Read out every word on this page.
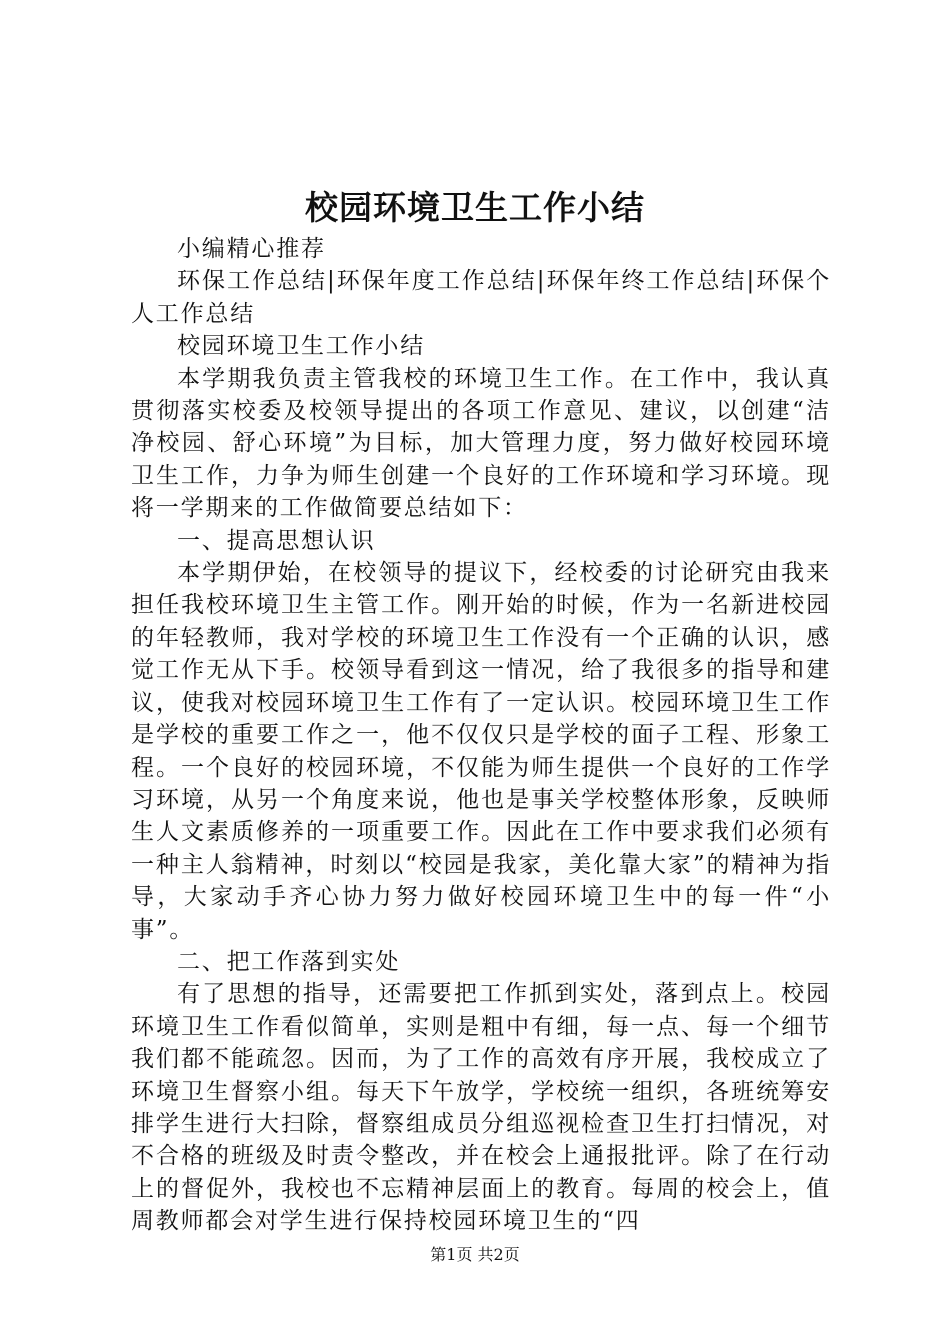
校园环境卫生工作小结

小编精心推荐

环保工作总结|环保年度工作总结|环保年终工作总结|环保个人工作总结

校园环境卫生工作小结

本学期我负责主管我校的环境卫生工作。在工作中，我认真贯彻落实校委及校领导提出的各项工作意见、建议，以创建“洁净校园、舒心环境”为目标，加大管理力度，努力做好校园环境卫生工作，力争为师生创建一个良好的工作环境和学习环境。现将一学期来的工作做简要总结如下：

一、提高思想认识

本学期伊始，在校领导的提议下，经校委的讨论研究由我来担任我校环境卫生主管工作。刚开始的时候，作为一名新进校园的年轻教师，我对学校的环境卫生工作没有一个正确的认识，感觉工作无从下手。校领导看到这一情况，给了我很多的指导和建议，使我对校园环境卫生工作有了一定认识。校园环境卫生工作是学校的重要工作之一，他不仅仅只是学校的面子工程、形象工程。一个良好的校园环境，不仅能为师生提供一个良好的工作学习环境，从另一个角度来说，他也是事关学校整体形象，反映师生人文素质修养的一项重要工作。因此在工作中要求我们必须有一种主人翁精神，时刻以“校园是我家，美化靠大家”的精神为指导，大家动手齐心协力努力做好校园环境卫生中的每一件“小事”。

二、把工作落到实处

有了思想的指导，还需要把工作抓到实处，落到点上。校园环境卫生工作看似简单，实则是粗中有细，每一点、每一个细节我们都不能疏忽。因而，为了工作的高效有序开展，我校成立了环境卫生督察小组。每天下午放学，学校统一组织，各班统筹安排学生进行大扫除，督察组成员分组巡视检查卫生打扫情况，对不合格的班级及时责令整改，并在校会上通报批评。除了在行动上的督促外，我校也不忘精神层面上的教育。每周的校会上，值周教师都会对学生进行保持校园环境卫生的“四

第1页 共2页
